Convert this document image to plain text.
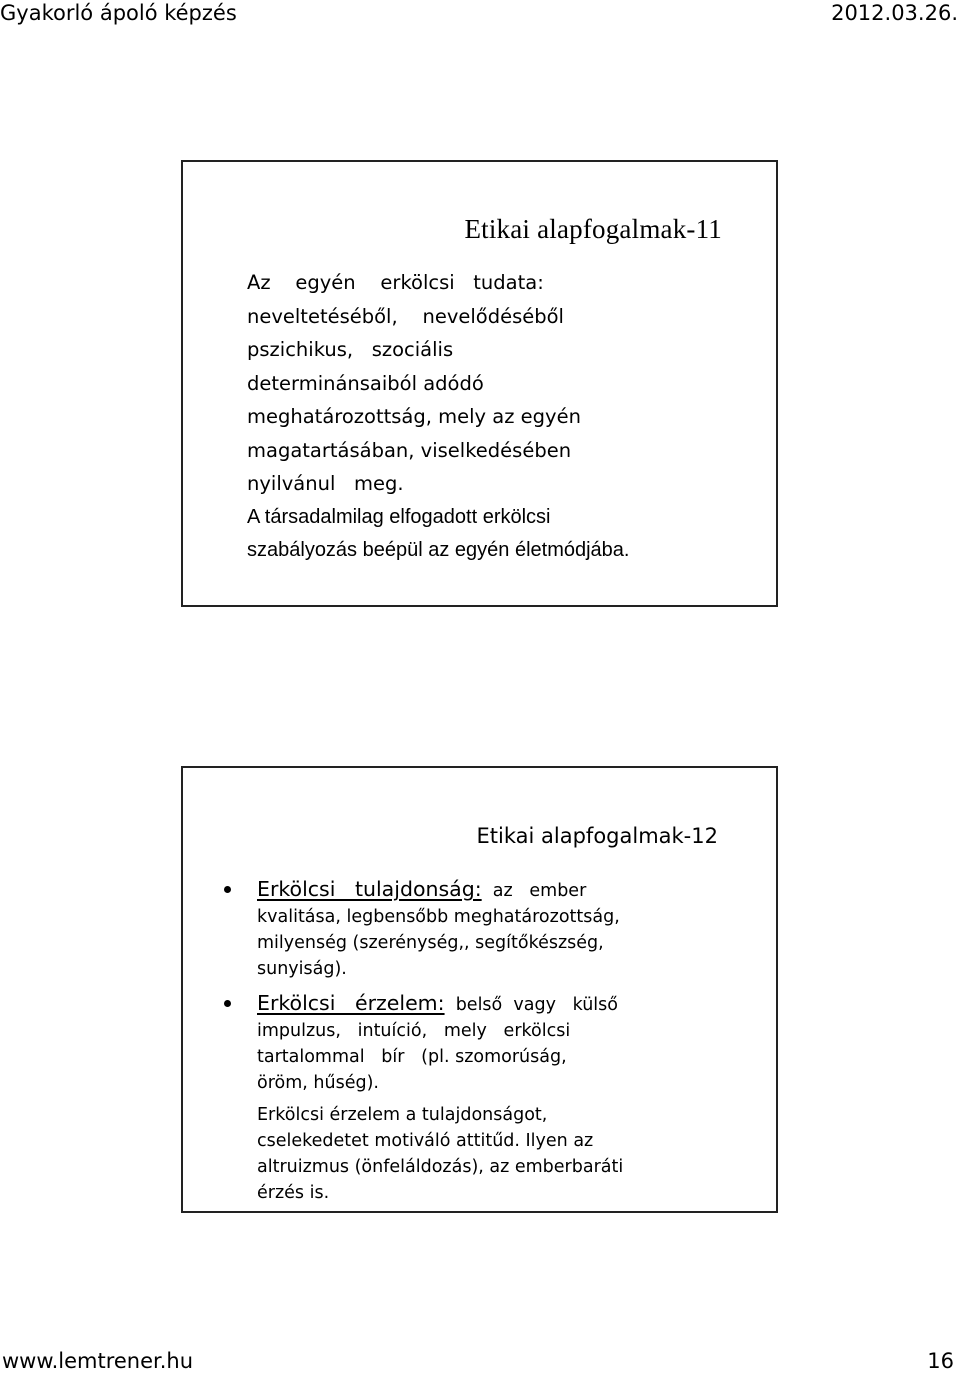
Gyakorló ápoló képzés	2012.03.26.
Etikai alapfogalmak-11

Az    egyén    erkölcsi   tudata:

neveltetéséből,    nevelődéséből

pszichikus,   szociális

determinánsaiból adódó

meghatározottság, mely az egyén

magatartásában, viselkedésében

nyilvánul   meg.

A társadalmilag elfogadott erkölcsi

szabályozás beépül az egyén életmódjába.

Etikai alapfogalmak-12
Erkölcsi   tulajdonság:  az   ember
kvalitása, legbensőbb meghatározottság,
milyenség (szerénység,, segítőkészség,
sunyiság).
Erkölcsi   érzelem:  belső  vagy   külső
impulzus,   intuíció,   mely   erkölcsi
tartalommal   bír   (pl. szomorúság,
öröm, hűség).
Erkölcsi érzelem a tulajdonságot,
cselekedetet motiváló attitűd. Ilyen az
altruizmus (önfeláldozás), az emberbaráti
érzés is.
www.lemtrener.hu	16
